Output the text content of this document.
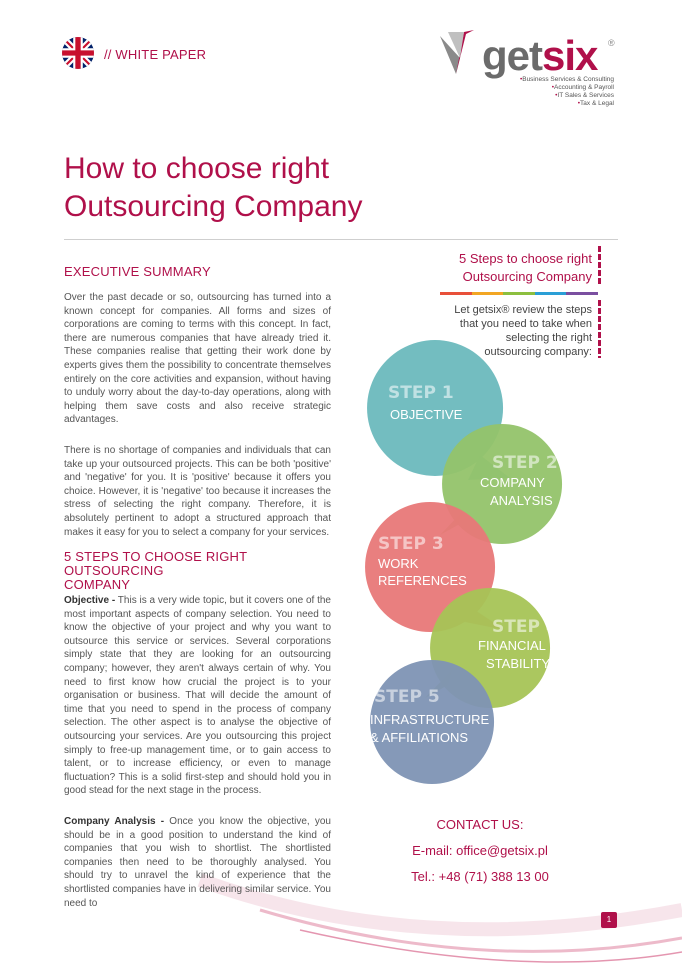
// WHITE PAPER	getsix ®
• Business Services & Consulting
• Accounting & Payroll
• IT Sales & Services
• Tax & Legal
How to choose right
Outsourcing Company
EXECUTIVE SUMMARY

Over the past decade or so, outsourcing has turned into a known concept for companies. All forms and sizes of corporations are coming to terms with this concept. In fact, there are numerous companies that have already tried it. These companies realise that getting their work done by experts gives them the possibility to concentrate themselves entirely on the core activities and expansion, without having to unduly worry about the day-to-day operations, along with helping them save costs and also receive strategic advantages.

There is no shortage of companies and individuals that can take up your outsourced projects. This can be both 'positive' and 'negative' for you. It is 'positive' because it offers you choice. However, it is 'negative' too because it increases the stress of selecting the right company. Therefore, it is absolutely pertinent to adopt a structured approach that makes it easy for you to select a company for your services.

5 STEPS TO CHOOSE RIGHT OUTSOURCING
COMPANY

Objective - This is a very wide topic, but it covers one of the most important aspects of company selection. You need to know the objective of your project and why you want to outsource this service or services. Several corporations simply state that they are looking for an outsourcing company; however, they aren't always certain of why. You need to first know how crucial the project is to your organisation or business. That will decide the amount of time that you need to spend in the process of company selection. The other aspect is to analyse the objective of outsourcing your services. Are you outsourcing this project simply to free-up management time, or to gain access to talent, or to increase efficiency, or even to manage fluctuation? This is a solid first-step and should hold you in good stead for the next stage in the process.

Company Analysis - Once you know the objective, you should be in a good position to understand the kind of companies that you wish to shortlist. The shortlisted companies then need to be thoroughly analysed. You should try to unravel the kind of experience that the shortlisted companies have in delivering similar service. You need to

5 Steps to choose right
Outsourcing Company
Let getsix® review the steps
that you need to take when
selecting the right
outsourcing company:
STEP 1
OBJECTIVE
STEP 2
COMPANY
ANALYSIS
STEP 3
WORK
REFERENCES
STEP 4
FINANCIAL
STABILITY
STEP 5
INFRASTRUCTURE
& AFFILIATIONS
CONTACT US:
E-mail: office@getsix.pl
Tel.: +48 (71) 388 13 00
1
